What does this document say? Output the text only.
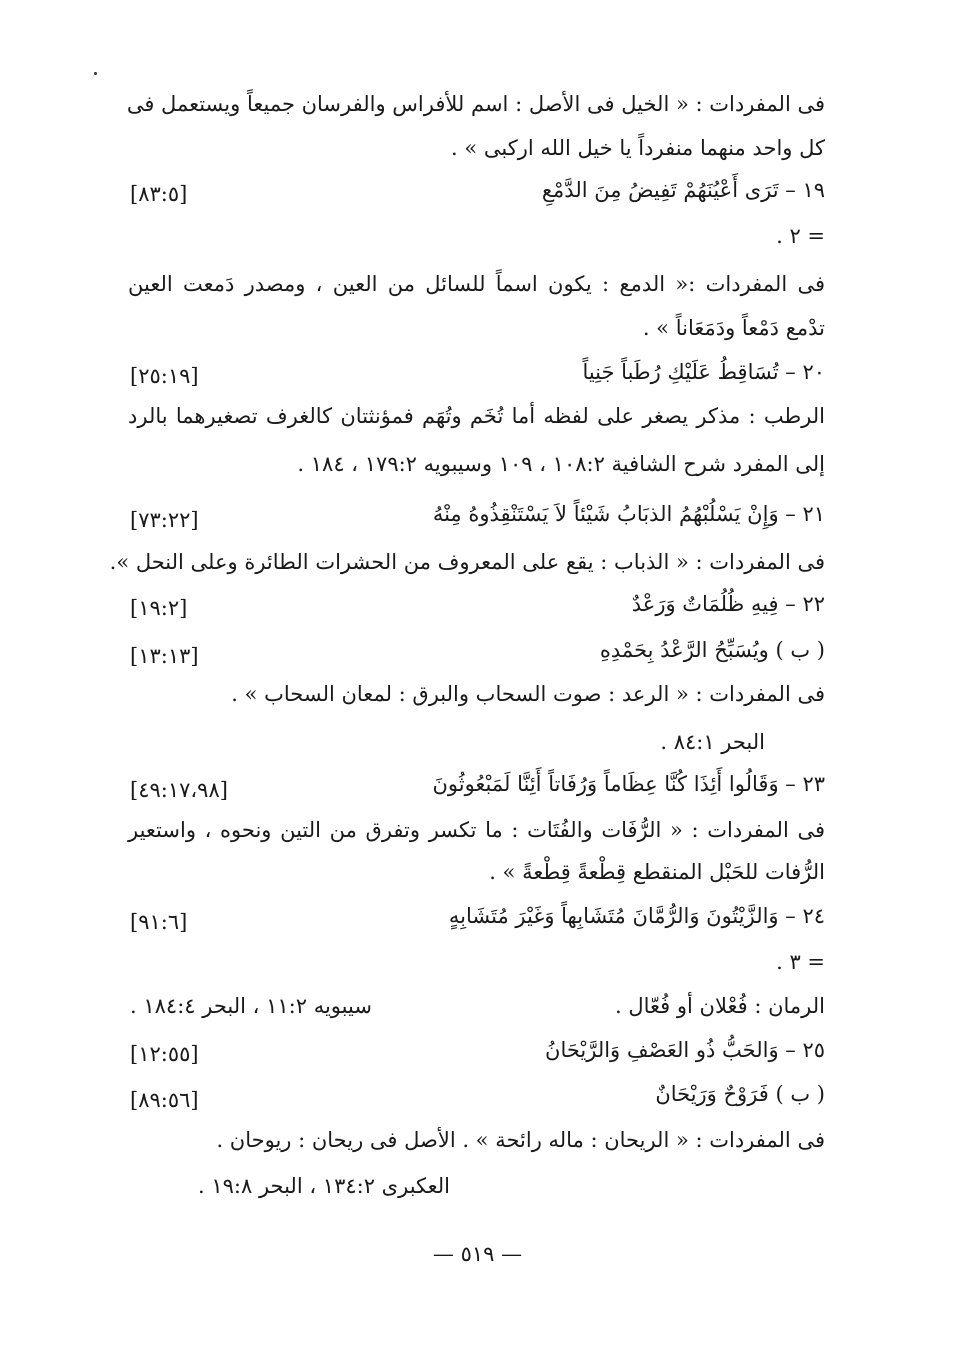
فى المفردات : « الخيل فى الأصل : اسم للأفراس والفرسان جميعاً ويستعمل فى
كل واحد منهما منفرداً يا خيل الله اركبى » .
١٩ – تَرَى أَعْيُنَهُمْ تَفِيضُ مِنَ الدَّمْعِ
[٨٣:٥]
= ٢ .
فى المفردات :« الدمع : يكون اسماً للسائل من العين ، ومصدر دَمعت العين
تدْمع دَمْعاً ودَمَعَاناً » .
٢٠ – تُسَاقِطُ عَلَيْكِ رُطَباً جَنِياً
[٢٥:١٩]
الرطب : مذكر يصغر على لفظه أما تُخَم وتُهَم فمؤنثتان كالغرف تصغيرهما بالرد
إلى المفرد شرح الشافية ١٠٨:٢ ، ١٠٩ وسيبويه ١٧٩:٢ ، ١٨٤ .
٢١ – وَإِنْ يَسْلُبْهُمُ الذبَابُ شَيْئاً لاَ يَسْتَنْقِذُوهُ مِنْهُ
[٧٣:٢٢]
فى المفردات : « الذباب : يقع على المعروف من الحشرات الطائرة وعلى النحل ».
٢٢ – فِيهِ ظُلُمَاتٌ وَرَعْدٌ
[١٩:٢]
( ب ) ويُسَبِّحُ الرَّعْدُ بِحَمْدِهِ
[١٣:١٣]
فى المفردات : « الرعد : صوت السحاب والبرق : لمعان السحاب » .
البحر ٨٤:١ .
٢٣ – وَقَالُوا أَئِذَا كُنَّا عِظَاماً وَرُفَاتاً أَئِنَّا لَمَبْعُوثُونَ
[٤٩:١٧،٩٨]
فى المفردات : « الرُّفَات والفُتَات : ما تكسر وتفرق من التين ونحوه ، واستعير
الرُّفات للحَبْل المنقطع قِطْعةً قِطْعةً » .
٢٤ – وَالزَّيْتُونَ وَالرُّمَّانَ مُتَشَابِهاً وَغَيْرَ مُتَشَابِهٍ
[٩١:٦]
= ٣ .
الرمان : فُعْلان أو فُعّال .
سيبويه ١١:٢ ، البحر ١٨٤:٤ .
٢٥ – وَالحَبُّ ذُو العَصْفِ وَالرَّيْحَانُ
[١٢:٥٥]
( ب ) فَرَوْحٌ وَرَيْحَانٌ
[٨٩:٥٦]
فى المفردات : « الريحان : ماله رائحة » . الأصل فى ريحان : ريوحان .
العكبرى ١٣٤:٢ ، البحر ١٩:٨ .
— ٥١٩ —
